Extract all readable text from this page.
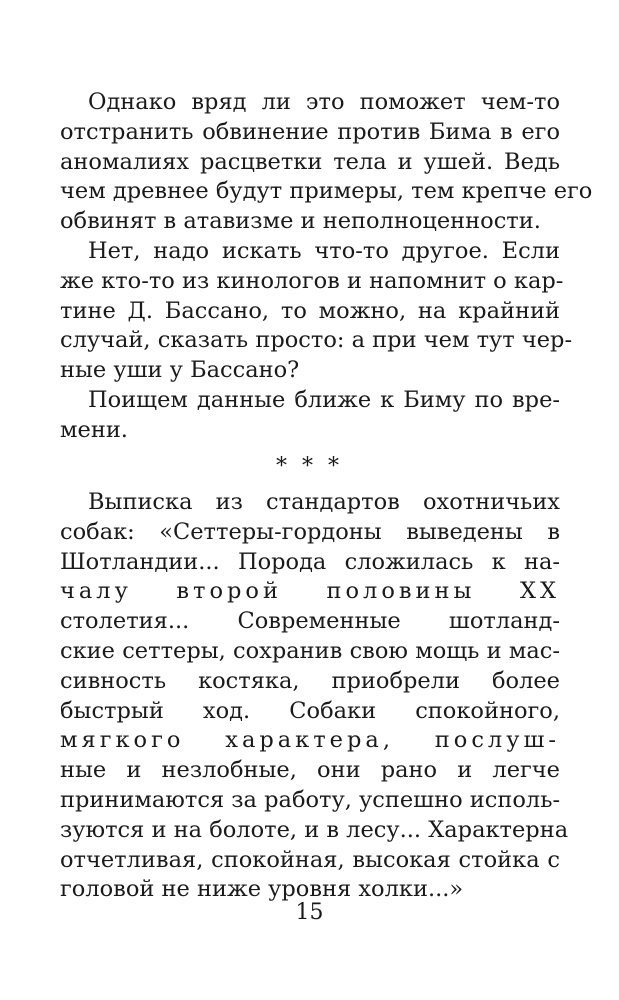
Однако вряд ли это поможет чем-то
отстранить обвинение против Бима в его
аномалиях расцветки тела и ушей. Ведь
чем древнее будут примеры, тем крепче его
обвинят в атавизме и неполноценности.
Нет, надо искать что-то другое. Если
же кто-то из кинологов и напомнит о кар-
тине Д. Бассано, то можно, на крайний
случай, сказать просто: а при чем тут чер-
ные уши у Бассано?
Поищем данные ближе к Биму по вре-
мени.
* * *
Выписка из стандартов охотничьих
собак: «Сеттеры-гордоны выведены в
Шотландии... Порода сложилась к на-
чалу второй половины XX
столетия... Современные шотланд-
ские сеттеры, сохранив свою мощь и мас-
сивность костяка, приобрели более
быстрый ход. Собаки спокойного,
мягкого характера, послуш-
ные и незлобные, они рано и легче
принимаются за работу, успешно исполь-
зуются и на болоте, и в лесу... Характерна
отчетливая, спокойная, высокая стойка с
головой не ниже уровня холки...»
15
